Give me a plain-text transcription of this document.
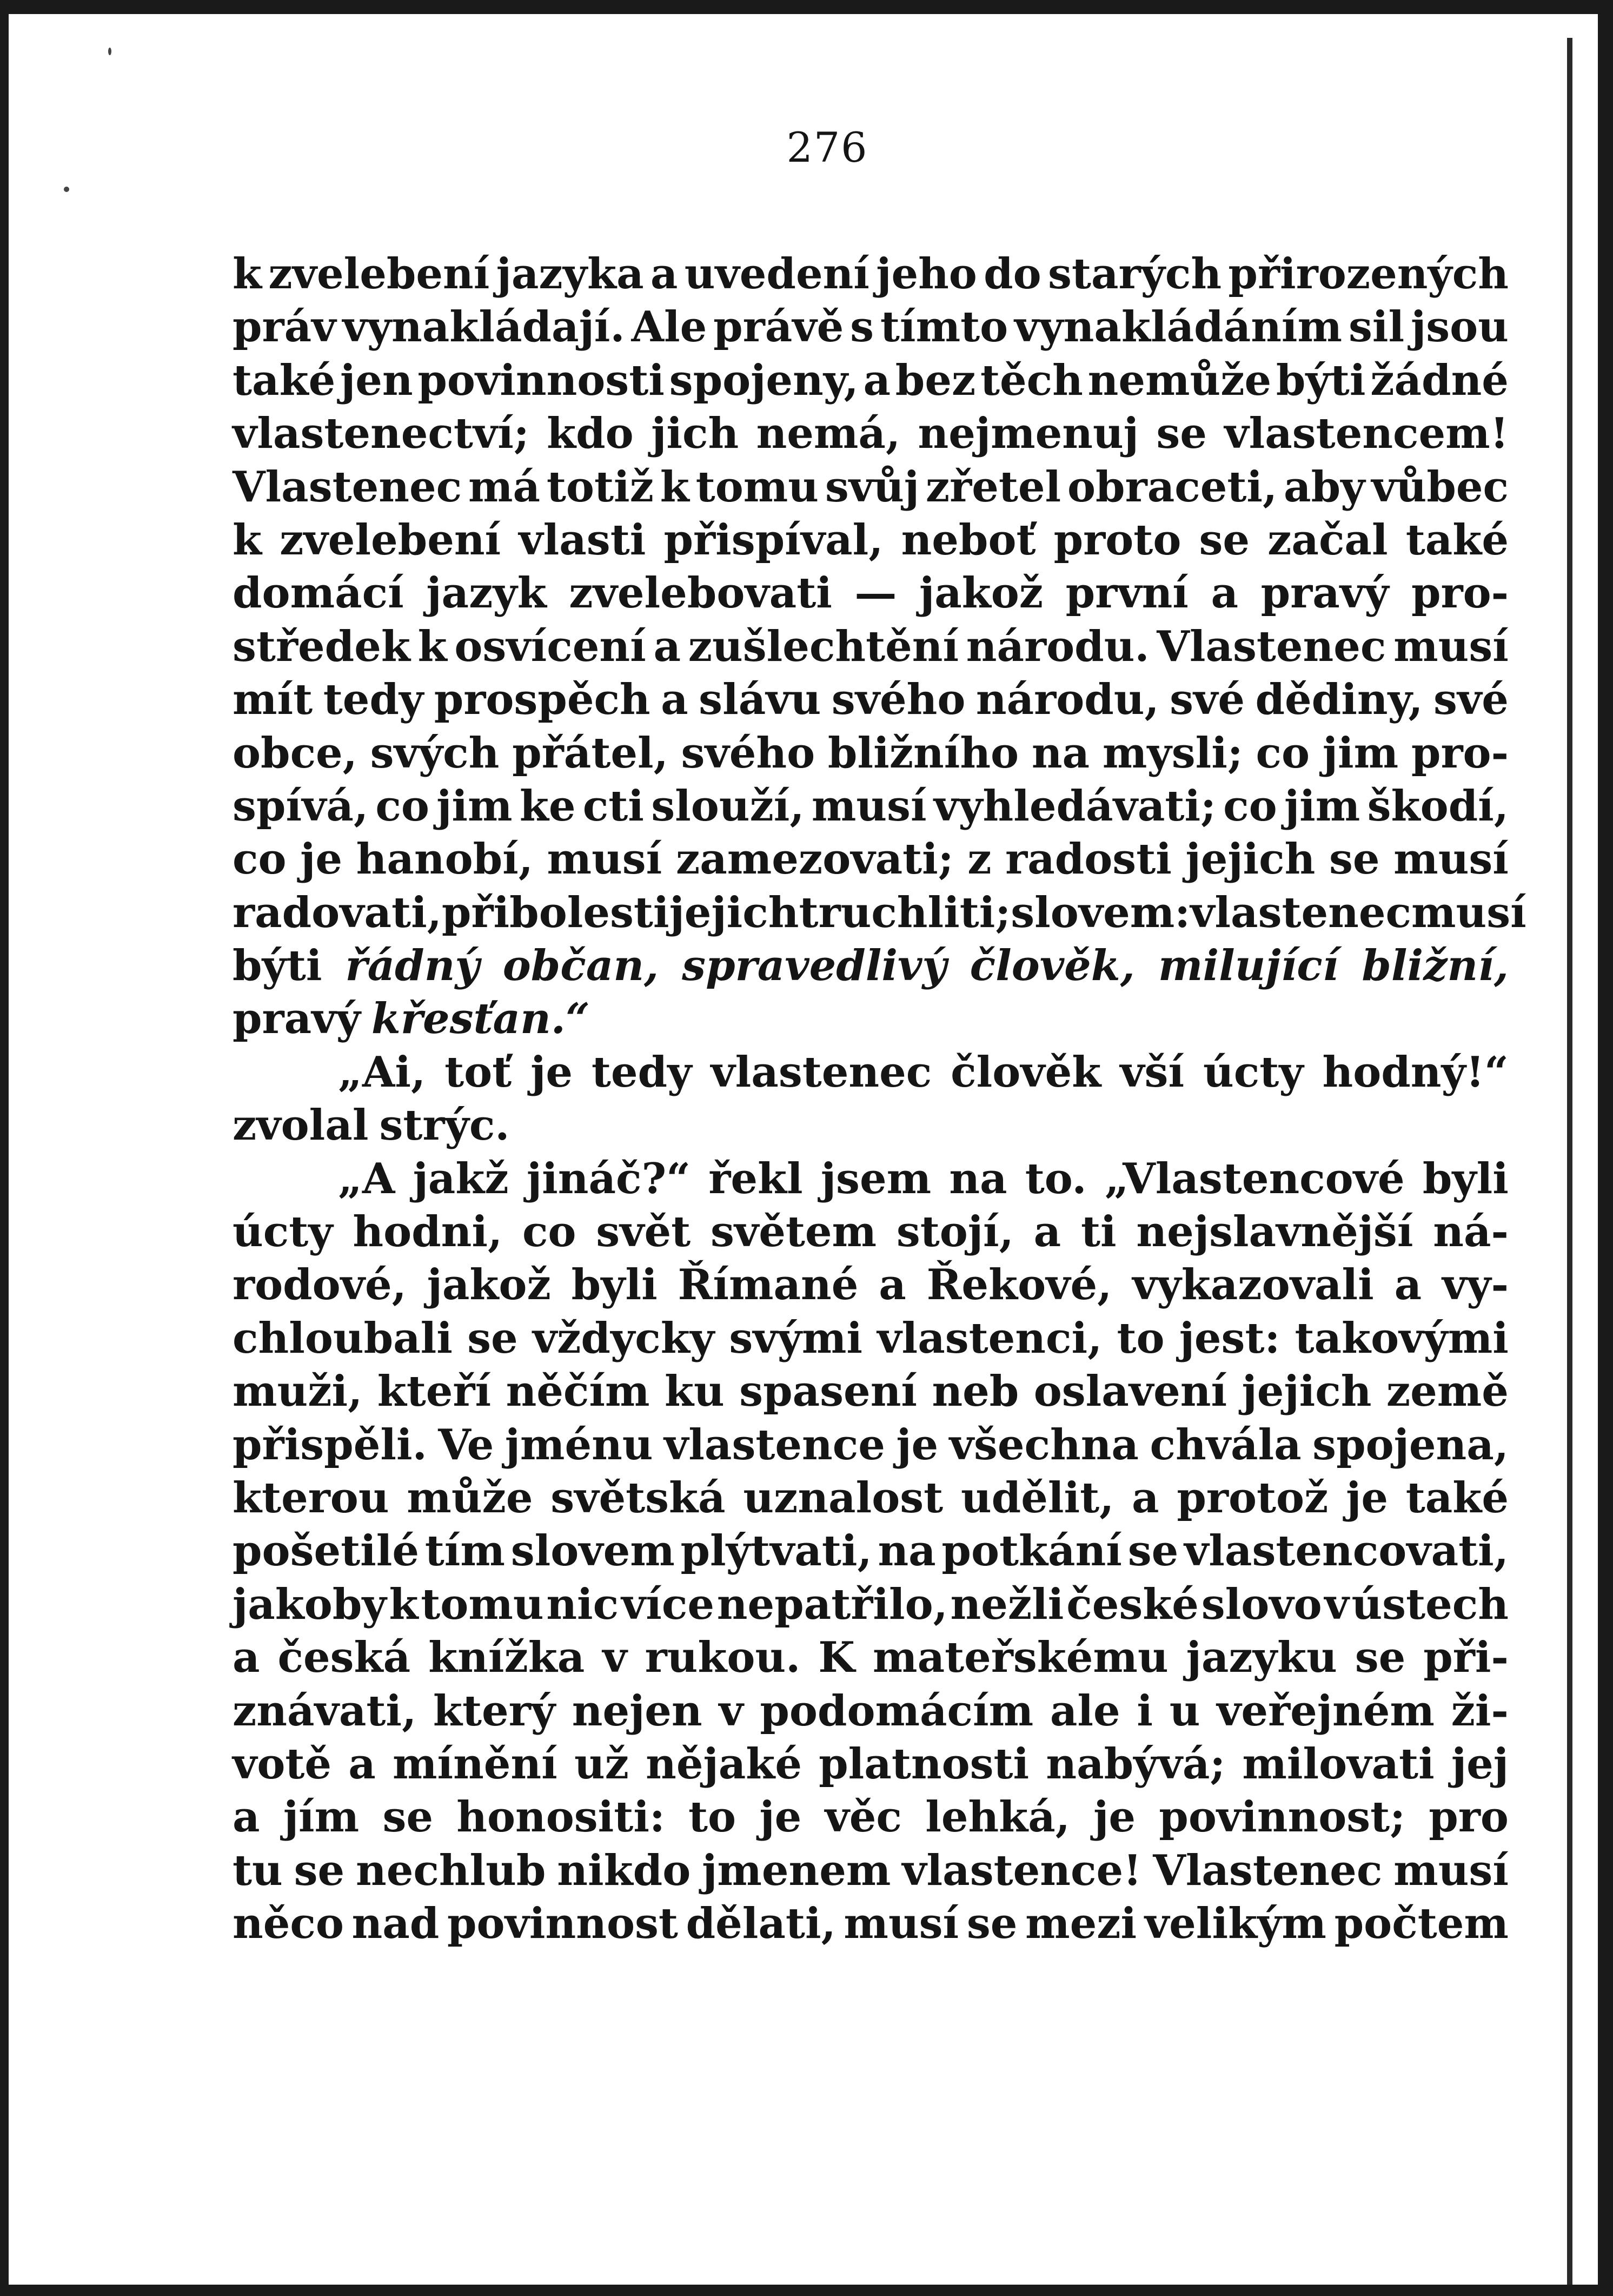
276
k zvelebení jazyka a uvedení jeho do starých přirozených
práv vynakládají. Ale právě s tímto vynakládáním sil jsou
také jen povinnosti spojeny, a bez těch nemůže býti žádné
vlastenectví; kdo jich nemá, nejmenuj se vlastencem!
Vlastenec má totiž k tomu svůj zřetel obraceti, aby vůbec
k zvelebení vlasti přispíval, neboť proto se začal také
domácí jazyk zvelebovati — jakož první a pravý pro-
středek k osvícení a zušlechtění národu. Vlastenec musí
mít tedy prospěch a slávu svého národu, své dědiny, své
obce, svých přátel, svého bližního na mysli; co jim pro-
spívá, co jim ke cti slouží, musí vyhledávati; co jim škodí,
co je hanobí, musí zamezovati; z radosti jejich se musí
radovati, při bolesti jejich truchliti; slovem: vlastenec musí
býti řádný občan, spravedlivý člověk, milující bližní,
pravý křesťan.“
„Ai, toť je tedy vlastenec člověk vší úcty hodný!“
zvolal strýc.
„A jakž jináč?“ řekl jsem na to. „Vlastencové byli
úcty hodni, co svět světem stojí, a ti nejslavnější ná-
rodové, jakož byli Římané a Řekové, vykazovali a vy-
chloubali se vždycky svými vlastenci, to jest: takovými
muži, kteří něčím ku spasení neb oslavení jejich země
přispěli. Ve jménu vlastence je všechna chvála spojena,
kterou může světská uznalost udělit, a protož je také
pošetilé tím slovem plýtvati, na potkání se vlastencovati,
jakoby k tomu nic více nepatřilo, nežli české slovo v ústech
a česká knížka v rukou. K mateřskému jazyku se při-
znávati, který nejen v podomácím ale i u veřejném ži-
votě a mínění už nějaké platnosti nabývá; milovati jej
a jím se honositi: to je věc lehká, je povinnost; pro
tu se nechlub nikdo jmenem vlastence! Vlastenec musí
něco nad povinnost dělati, musí se mezi velikým počtem
